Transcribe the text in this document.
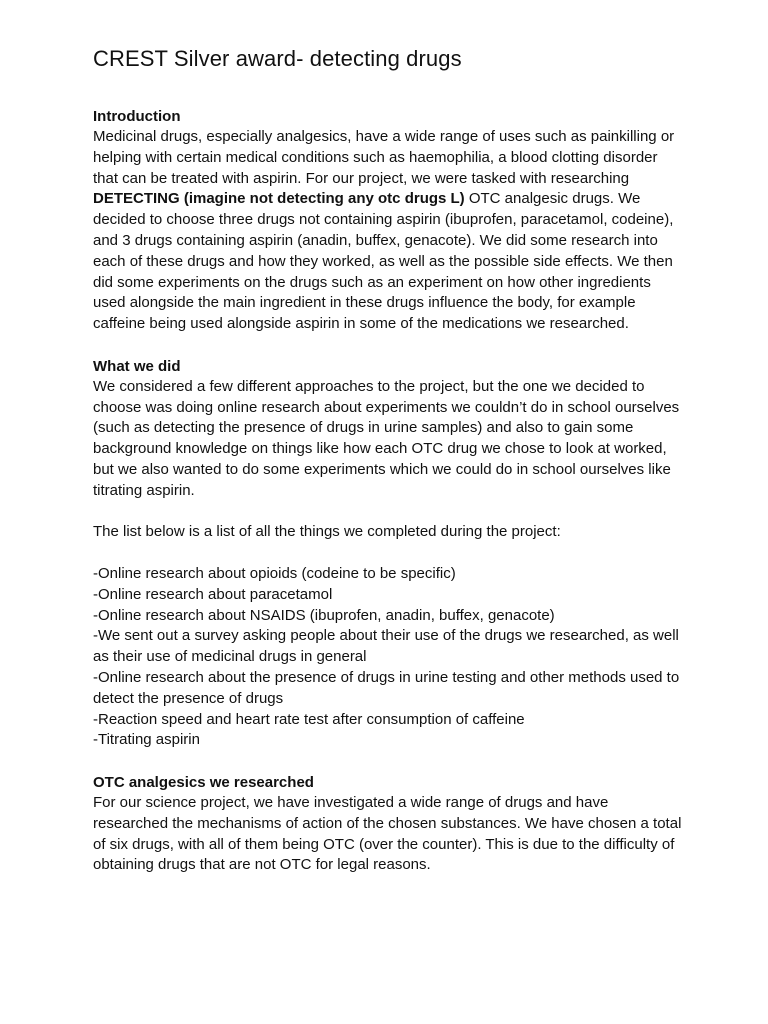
CREST Silver award- detecting drugs
Introduction

Medicinal drugs, especially analgesics, have a wide range of uses such as painkilling or helping with certain medical conditions such as haemophilia, a blood clotting disorder that can be treated with aspirin. For our project, we were tasked with researching DETECTING (imagine not detecting any otc drugs L) OTC analgesic drugs. We decided to choose three drugs not containing aspirin (ibuprofen, paracetamol, codeine), and 3 drugs containing aspirin (anadin, buffex, genacote). We did some research into each of these drugs and how they worked, as well as the possible side effects. We then did some experiments on the drugs such as an experiment on how other ingredients used alongside the main ingredient in these drugs influence the body, for example caffeine being used alongside aspirin in some of the medications we researched.

What we did

We considered a few different approaches to the project, but the one we decided to choose was doing online research about experiments we couldn’t do in school ourselves (such as detecting the presence of drugs in urine samples) and also to gain some background knowledge on things like how each OTC drug we chose to look at worked, but we also wanted to do some experiments which we could do in school ourselves like titrating aspirin.

The list below is a list of all the things we completed during the project:

-Online research about opioids (codeine to be specific)
-Online research about paracetamol
-Online research about NSAIDS (ibuprofen, anadin, buffex, genacote)
-We sent out a survey asking people about their use of the drugs we researched, as well as their use of medicinal drugs in general
-Online research about the presence of drugs in urine testing and other methods used to detect the presence of drugs
-Reaction speed and heart rate test after consumption of caffeine
-Titrating aspirin
OTC analgesics we researched

For our science project, we have investigated a wide range of drugs and have researched the mechanisms of action of the chosen substances. We have chosen a total of six drugs, with all of them being OTC (over the counter). This is due to the difficulty of obtaining drugs that are not OTC for legal reasons.
